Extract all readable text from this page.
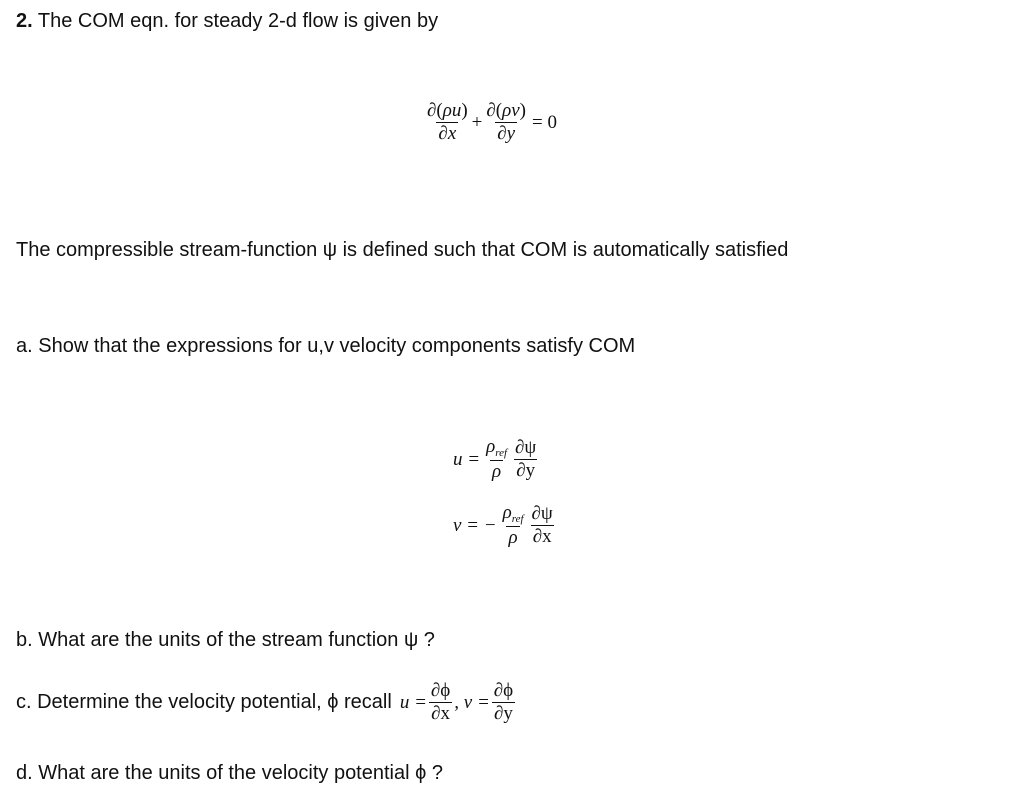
2. The COM eqn. for steady 2-d flow is given by
$\frac{\partial(\rho u)}{\partial x} + \frac{\partial(\rho v)}{\partial y} = 0$
The compressible stream-function ψ is defined such that COM is automatically satisfied
a. Show that the expressions for u,v velocity components satisfy COM
$u = \frac{\rho_{ref}}{\rho} \frac{\partial\psi}{\partial y}$
v = − $\frac{\rho_{ref}}{\rho} \frac{\partial\psi}{\partial x}$
b. What are the units of the stream function ψ ?
c. Determine the velocity potential, ϕ recall $u = \frac{\partial\phi}{\partial x}$ , $v = \frac{\partial\phi}{\partial y}$
d. What are the units of the velocity potential ϕ ?
